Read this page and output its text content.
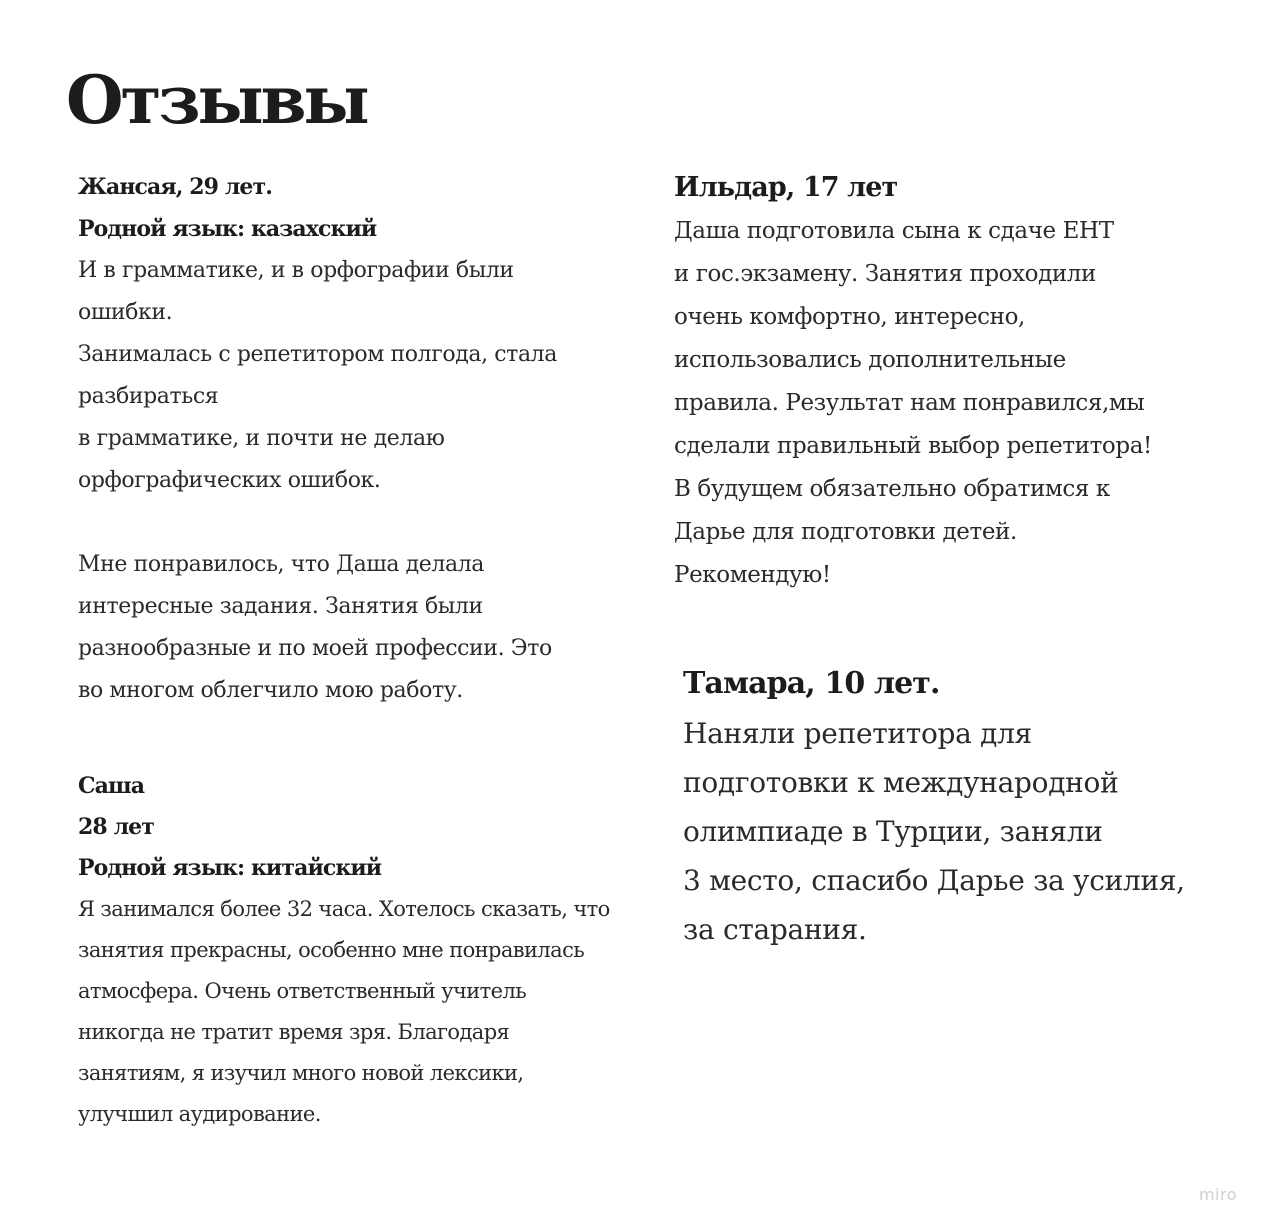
Отзывы
Жансая, 29 лет.
Родной язык: казахский
И в грамматике, и в орфографии были
ошибки.
Занималась с репетитором полгода, стала
разбираться
в грамматике, и почти не делаю
орфографических ошибок.
Мне понравилось, что Даша делала
интересные задания. Занятия были
разнообразные и по моей профессии. Это
во многом облегчило мою работу.
Саша
28 лет
Родной язык: китайский
Я занимался более 32 часа. Хотелось сказать, что
занятия прекрасны, особенно мне понравилась
атмосфера. Очень ответственный учитель
никогда не тратит время зря. Благодаря
занятиям, я изучил много новой лексики,
улучшил аудирование.
Ильдар, 17 лет
Даша подготовила сына к сдаче ЕНТ
и гос.экзамену. Занятия проходили
очень комфортно, интересно,
использовались дополнительные
правила. Результат нам понравился,мы
сделали правильный выбор репетитора!
В будущем обязательно обратимся к
Дарье для подготовки детей.
Рекомендую!
Тамара, 10 лет.
Наняли репетитора для
подготовки к международной
олимпиаде в Турции, заняли
3 место, спасибо Дарье за усилия,
за старания.
miro
